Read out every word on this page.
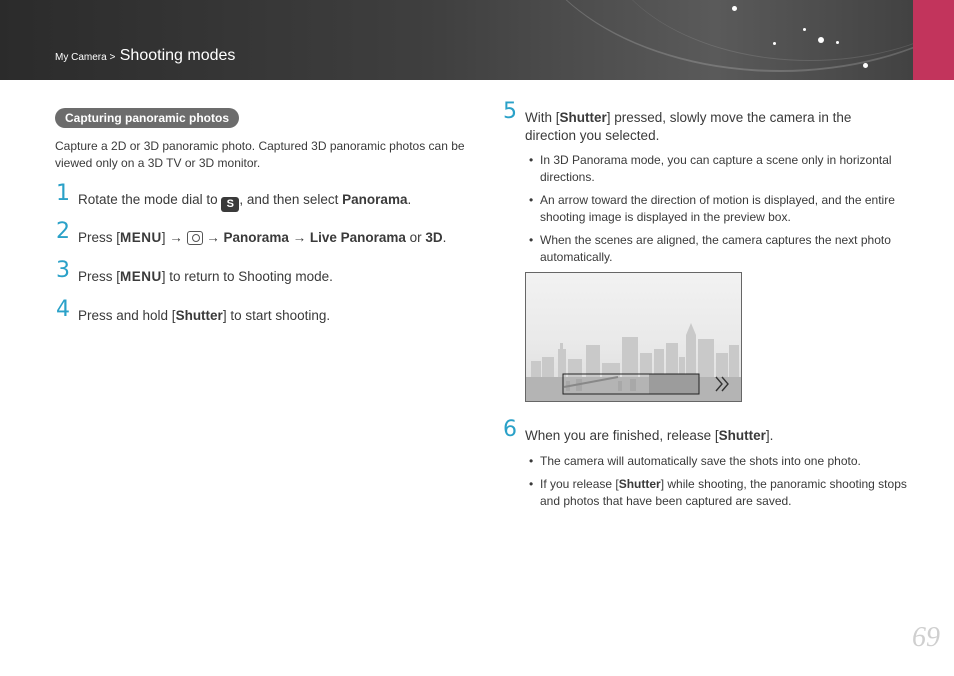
My Camera > Shooting modes
Capturing panoramic photos
Capture a 2D or 3D panoramic photo. Captured 3D panoramic photos can be viewed only on a 3D TV or 3D monitor.
1 Rotate the mode dial to S , and then select Panorama.
2 Press [MENU] →  → Panorama → Live Panorama or 3D.
3 Press [MENU] to return to Shooting mode.
4 Press and hold [Shutter] to start shooting.
5 With [Shutter] pressed, slowly move the camera in the direction you selected.
• In 3D Panorama mode, you can capture a scene only in horizontal directions.
• An arrow toward the direction of motion is displayed, and the entire shooting image is displayed in the preview box.
• When the scenes are aligned, the camera captures the next photo automatically.
6 When you are finished, release [Shutter].
• The camera will automatically save the shots into one photo.
• If you release [Shutter] while shooting, the panoramic shooting stops and photos that have been captured are saved.
69
